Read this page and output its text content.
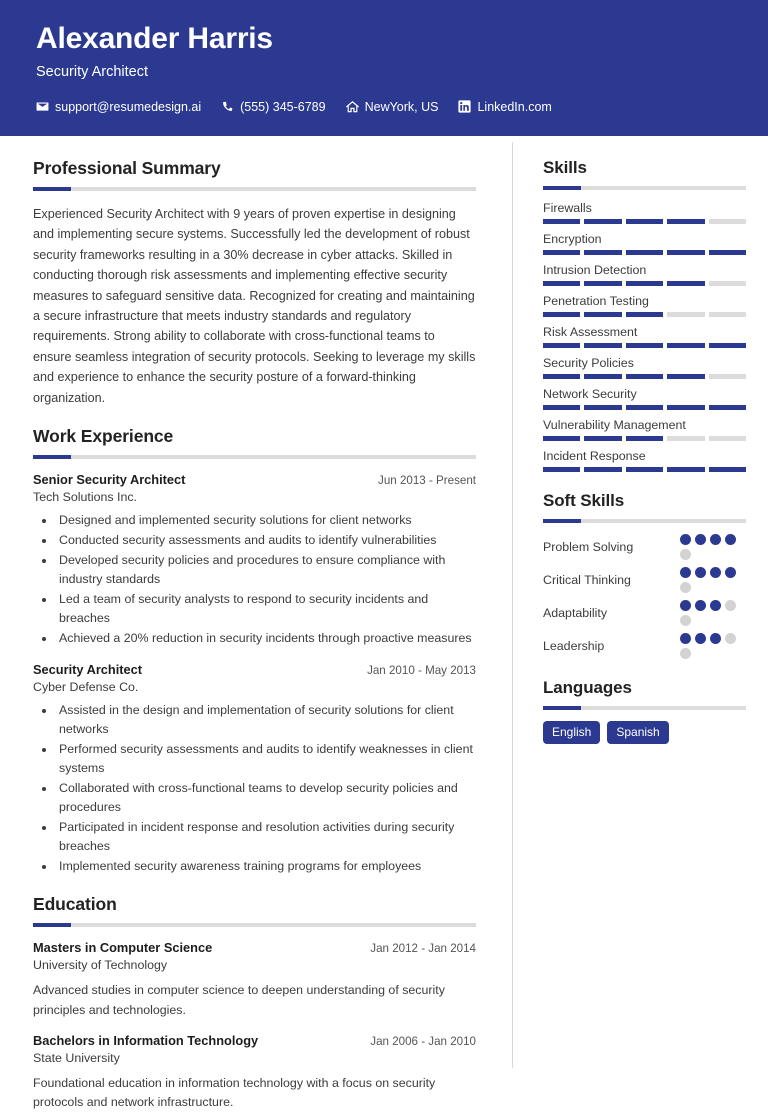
Alexander Harris
Security Architect
support@resumedesign.ai	(555) 345-6789	NewYork, US	LinkedIn.com
Professional Summary
Experienced Security Architect with 9 years of proven expertise in designing and implementing secure systems. Successfully led the development of robust security frameworks resulting in a 30% decrease in cyber attacks. Skilled in conducting thorough risk assessments and implementing effective security measures to safeguard sensitive data. Recognized for creating and maintaining a secure infrastructure that meets industry standards and regulatory requirements. Strong ability to collaborate with cross-functional teams to ensure seamless integration of security protocols. Seeking to leverage my skills and experience to enhance the security posture of a forward-thinking organization.
Work Experience
Senior Security Architect	Jun 2013 - Present
Tech Solutions Inc.
• Designed and implemented security solutions for client networks
• Conducted security assessments and audits to identify vulnerabilities
• Developed security policies and procedures to ensure compliance with industry standards
• Led a team of security analysts to respond to security incidents and breaches
• Achieved a 20% reduction in security incidents through proactive measures
Security Architect	Jan 2010 - May 2013
Cyber Defense Co.
• Assisted in the design and implementation of security solutions for client networks
• Performed security assessments and audits to identify weaknesses in client systems
• Collaborated with cross-functional teams to develop security policies and procedures
• Participated in incident response and resolution activities during security breaches
• Implemented security awareness training programs for employees
Education
Masters in Computer Science	Jan 2012 - Jan 2014
University of Technology
Advanced studies in computer science to deepen understanding of security principles and technologies.
Bachelors in Information Technology	Jan 2006 - Jan 2010
State University
Foundational education in information technology with a focus on security protocols and network infrastructure.
Skills
Firewalls
Encryption
Intrusion Detection
Penetration Testing
Risk Assessment
Security Policies
Network Security
Vulnerability Management
Incident Response
Soft Skills
Problem Solving
Critical Thinking
Adaptability
Leadership
Languages
English	Spanish
